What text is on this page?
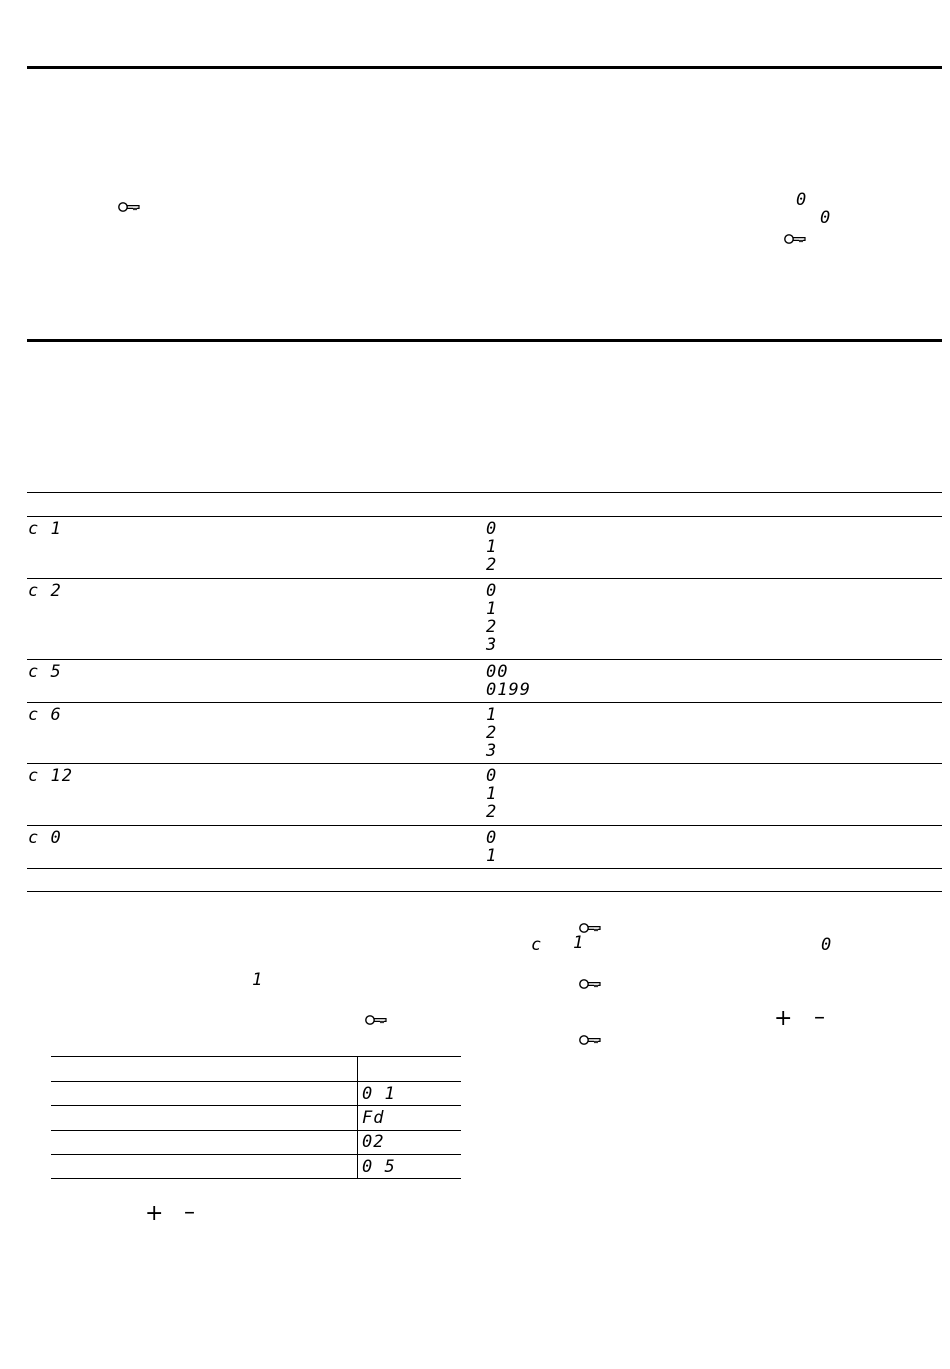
0
0
c 1	0
1
2
c 2	0
1
2
3
c 5	00
0199
c 6	1
2
3
c 12	0
1
2
c 0	0
1
c 1	0
+ –
1
0 1
Fd
02
0 5
+ –
